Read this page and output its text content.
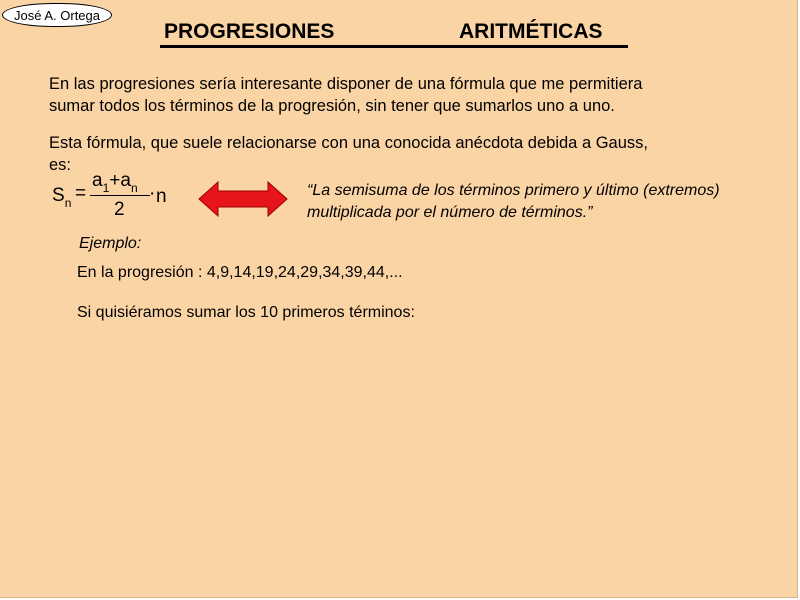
José A. Ortega
PROGRESIONES	ARITMÉTICAS
En las progresiones sería interesante disponer de una fórmula que me permitiera
sumar todos los términos de la progresión, sin tener que sumarlos uno a uno.
Esta fórmula, que suele relacionarse con una conocida anécdota debida a Gauss,
es:
$S_n$ =
$a_1+a_n$
2
· n	“La semisuma de los términos primero y último (extremos)
multiplicada por el número de términos.”
Ejemplo:
En la progresión : 4,9,14,19,24,29,34,39,44,...
Si quisiéramos sumar los 10 primeros términos:
